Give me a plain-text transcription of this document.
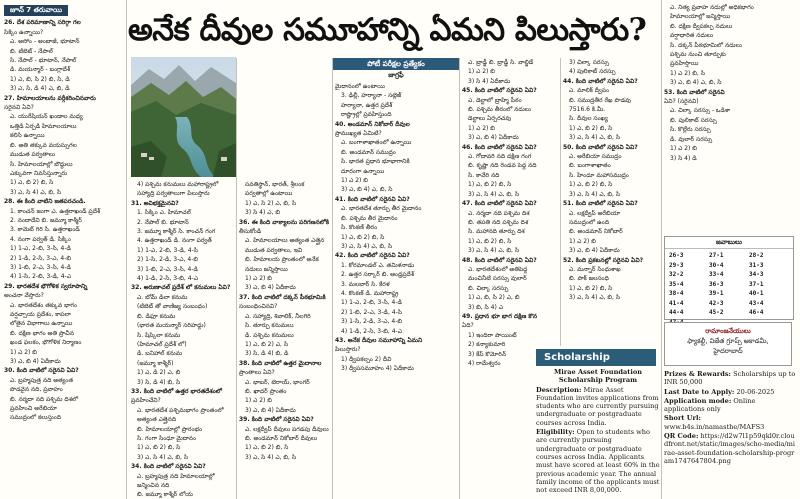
జూన్ 7 తరువాయి

26. దేశ పరిమాణాన్ని సరిగ్గా గల

సిక్కిం ఉన్నాయి?

ఎ. అసోం - అంబాజీ, భూటాన్

బి. టిబెట్ - నేపాల్

సి. నేపాల్ - భూటాన్, నేపాల్

డి. మయన్మార్ - బంగ్లాదేశ్

1) ఎ, బి, సి 2) బి, సి, డి

3) ఎ, సి, డి 4) ఎ, బి, డి

27. హిమాలయాలను వర్గీకరించినవారు

సరైనవి ఏవి?

ఎ. యురేషియన్ ఖండాల మధ్య

ఒత్తిడి ఏర్పడి హిమాలయాలు

కలిసి ఉన్నాయి

బి. అతి తక్కువ వయస్సుగల

ముడుత పర్వతాలు

సి. హిమాలయాల్లో బౌద్ధులు

ఎక్కువగా నివసిస్తున్నారు

1) ఎ, బి 2) బి, సి

3) ఎ, సి 4) ఎ, బి, సి

28. ఈ కింది వాటిని జతపరచండి.

1. కాంచన్ జంగా ఎ. ఉత్తరాఖండ్ ప్రదేశ్

2. నందాదేవి బి. జమ్మూ కాశ్మీర్

3. కామెట్ గిరి సి. ఉత్తరాఖండ్

4. నంగా పర్వత్ డి. సిక్కిం

1) 1-ఎ, 2-బి, 3-సి, 4-డి

2) 1-డి, 2-సి, 3-ఎ, 4-బి

3) 1-బి, 2-ఎ, 3-సి, 4-డి

4) 1-సి, 2-బి, 3-డి, 4-ఎ

29. భారతదేశ భౌగోళిక స్వరూపాన్ని

అంచనా వేస్తారు?

ఎ. భారతదేశం తక్కువ భాగం

వర్షచ్చాయ ప్రదేశం, కాపలా

లోతైన విభాగాలు ఉన్నాయి

బి. దక్షిణ భాగం అతి ప్రాచీన

ఖండ ఫలకం, భౌగోళిక నిర్మాణం

1) ఎ 2) బి

3) ఎ, బి 4) ఏదీకాదు

30. కింది వాటిలో సరైనవి ఏవి?

ఎ. బ్రహ్మపుత్ర నది అత్యంత

పొడవైన నది, ప్రవాహం

బి. నర్మదా నది పశ్చిమ దిశలో

ప్రవహించి అరేబియా

సముద్రంలో కలుస్తుంది

అనేక దీవుల సమూహాన్ని ఏమని పిలుస్తారు?
పోటీ పరీక్షల ప్రత్యేకం
జాగ్రఫీ

4) పశ్చిమ కనుమలు మహారాష్ట్రలో

సహ్యాద్రి పర్వతాలుగా పిలుస్తారు

31. అవిభక్తమైనవి?

1. సిక్కిం ఎ. హిమాచల్

2. నేపాల్ బి. భూటాన్

3. జమ్మూ కాశ్మీర్ సి. కాంచన్ గంగ

4. ఉత్తరాఖండ్ డి. నంగా పర్వత్

1) 1-ఎ, 2-బి, 3-డి, 4-సి

2) 1-సి, 2-డి, 3-ఎ, 4-బి

3) 1-బి, 2-ఎ, 3-సి, 4-డి

4) 1-డి, 2-సి, 3-బి, 4-ఎ

32. అరుణాచల్ ప్రదేశ్ లో కనుమలు ఏవి?

ఎ. బోమ్ డిలా కనుమ

(టిబెట్ తో వాణిజ్య సంబంధం)

బి. డిఫూ కనుమ

(భారత మయన్మార్ సరిహద్దు)

సి. షిప్కిలా కనుమ

(హిమాచల్ ప్రదేశ్ లో)

డి. బనిహాల్ కనుమ

(జమ్మూ కాశ్మీర్)

1) ఎ, డి 2) ఎ, బి

3) సి, డి 4) బి, సి

33. కింది వాటిలో ఉత్తర భారతదేశంలో

ప్రవహించేవి?

ఎ. భారతదేశ పశ్చిమభాగం ప్రాంతంలో

అత్యంత ఎత్తైనది

బి. హిమాలయాల్లో ప్రారంభం

సి. గంగా సింధూ మైదానం

1) ఎ, బి 2) బి, సి

3) ఎ, సి 4) ఎ, బి, సి

34. కింది వాటిలో సరైనవి ఏవి?

ఎ. బ్రహ్మపుత్ర నది హిమాలయాల్లో

జన్మించిన నది

బి. జమ్మూ కాశ్మీర్ లోయ

సవతిస్థాన్, భారత్, శ్రీలంక

పర్వతాల్లో ఉంటాయి

1) ఎ, సి 2) ఎ, బి, సి

3) సి 4) ఎ, బి

36. ఈ కింది వాక్యాలను పరిగణనలోకి

తీసుకోండి

ఎ. హిమాలయాలు అత్యంత ఎత్తైన

ముడుత పర్వతాలు, ఇవి

బి. హిమాలయ ప్రాంతంలో అనేక

నదులు జన్మిస్తాయి

1) ఎ 2) బి

3) ఎ, బి 4) ఏదీకాదు

37. కింది వాటిలో దక్కన్ పీఠభూమికి

సంబంధించినవి?

ఎ. సహ్యాద్రి, శివాలిక్, నీలగిరి

సి. తూర్పు కనుమలు

డి. పశ్చిమ కనుమలు

1) ఎ, బి 2) ఎ, సి

3) సి, డి 4) బి, డి

38. కింది వాటిలో ఉత్తర మైదానాల

ప్రాంతాలు ఏవి?

ఎ. భాబర్, టెరాయ్, భాంగర్

బి. ఖాదర్ ప్రాంతం

1) ఎ 2) బి

3) ఎ, బి 4) ఏదీకాదు

39. కింది వాటిలో సరైనవి ఏవి?

ఎ. లక్షద్వీప్ దీవులు పగడపు దీవులు

బి. అండమాన్ నికోబార్ దీవులు

1) ఎ, బి 2) బి, సి

3) ఎ, సి 4) ఎ, బి, సి

మైదానంలో ఉంటాయి

3. ఢిల్లీ, హర్యానా - సట్లెజ్

హర్యానా, ఉత్తర ప్రదేశ్

రాష్ట్రాల్లో ప్రవహిస్తుంది

40. అండమాన్ నికోబార్ దీవుల

ప్రాముఖ్యత ఏమిటి?

ఎ. బంగాళాఖాతంలో ఉన్నాయి

బి. అండమాన్ సముద్రం

సి. భారత ప్రధాన భూభాగానికి

దూరంగా ఉన్నాయి

1) ఎ 2) బి

3) ఎ, బి 4) ఎ, బి, సి

41. కింది వాటిలో సరైనవి ఏవి?

ఎ. భారతదేశ తూర్పు తీర మైదానం

బి. పశ్చిమ తీర మైదానం

సి. కొంకణ్ తీరం

1) ఎ, బి 2) బి, సి

3) ఎ, సి 4) ఎ, బి, సి

42. కింది వాటిలో సరైనవి ఏవి?

1. కోరమాండల్ ఎ. తమిళనాడు

2. ఉత్తర సర్కార్ బి. ఆంధ్రప్రదేశ్

3. మలబార్ సి. కేరళ

4. కొంకణ్ డి. మహారాష్ట్ర

1) 1-ఎ, 2-బి, 3-సి, 4-డి

2) 1-బి, 2-ఎ, 3-డి, 4-సి

3) 1-సి, 2-డి, 3-ఎ, 4-బి

4) 1-డి, 2-సి, 3-బి, 4-ఎ

43. అనేక దీవుల సమూహాన్ని ఏమని

పిలుస్తారు?

1) ద్వీపకల్పం 2) దీవి

3) ద్వీపసమూహం 4) ఏదీకాదు

ఎ. బ్రాడ్జీ బి. బ్రాడ్జీ సి. వాల్జిడే

1) ఎ 2) బి

3) సి 4) ఏదీకాదు

45. కింది వాటిలో సరైనవి ఏవి?

ఎ. డెల్టాలో బ్రాహ్మి పీఠం

బి. పశ్చిమ తీరంలో నదులు

డెల్టాలు ఏర్పరచవు

1) ఎ 2) బి

3) ఎ, బి 4) ఏదీకాదు

46. కింది వాటిలో సరైనవి ఏవి?

ఎ. గోదావరి నది దక్షిణ గంగ

బి. కృష్ణా నది రెండవ పెద్ద నది

సి. కావేరి నది

1) ఎ, బి 2) బి, సి

3) ఎ, సి 4) ఎ, బి, సి

47. కింది వాటిలో సరైనవి ఏవి?

ఎ. నర్మదా నది పశ్చిమ దిశ

బి. తపతి నది పశ్చిమ దిశ

సి. మహానది తూర్పు దిశ

1) ఎ, బి 2) బి, సి

3) ఎ, సి 4) ఎ, బి, సి

48. కింది వాటిలో సరైనవి ఏవి?

ఎ. భారతదేశంలో అతిపెద్ద

మంచినీటి సరస్సు వులార్

బి. చిల్కా సరస్సు

1) ఎ, బి, సి 2) ఎ, బి

3) బి, సి 4) ఎ

49. ప్రధాన భూ భాగ దక్షిణ కొన

ఏది?

1) ఇందిరా పాయింట్

2) కన్యాకుమారి

3) కేప్ కొమోరిన్

4) రామేశ్వరం

3) చిల్కా సరస్సు

4) పులికాట్ సరస్సు

44. కింది వాటిలో సరైనవి ఏవి?

ఎ. మాలిక్ ద్వీపం

బి. సముద్రతీర రేఖ పొడవు

7516.6 కి.మీ.

సి. దీవుల సంఖ్య

1) ఎ, బి 2) బి, సి

3) ఎ, సి 4) ఎ, బి, సి

50. కింది వాటిలో సరైనవి ఏవి?

ఎ. అరేబియా సముద్రం

బి. బంగాళాఖాతం

సి. హిందూ మహాసముద్రం

1) ఎ, బి 2) బి, సి

3) ఎ, సి 4) ఎ, బి, సి

51. కింది వాటిలో సరైనవి ఏవి?

ఎ. లక్షద్వీప్ అరేబియా

సముద్రంలో ఉంది

బి. అండమాన్ నికోబార్

1) ఎ 2) బి

3) ఎ, బి 4) ఏదీకాదు

52. కింది ప్రకటనల్లో సరైనవి ఏవి?

ఎ. మన్నార్ సింధుశాఖ

బి. పాక్ జలసంధి

1) ఎ, బి 2) బి, సి

3) ఎ, సి 4) ఎ, బి, సి

ఎ. నిత్య ప్రవాహ నదుల్లో అధికభాగం

హిమాలయాల్లో జన్మిస్తాయి

బి. దక్షిణ ద్వీపకల్ప నదులు

వర్షాధారిత నదులు

సి. దక్కన్ పీఠభూమిలో నదులు

పశ్చిమ నుంచి తూర్పుకు

ప్రవహిస్తాయి

1) ఎ 2) బి, సి

3) ఎ, బి 4) ఎ, బి, సి

53. కింది వాటిలో సరైనవి

ఏవి? (సరైనవి)

ఎ. చిల్కా సరస్సు - ఒడిశా

బి. పులికాట్ సరస్సు

సి. కొల్లేరు సరస్సు

డి. వులార్ సరస్సు

1) ఎ 2) బి

3) సి 4) డి

జవాబులు
26-3	27-1	28-2
29-3	30-4	31-3
32-2	33-4	34-3
35-4	36-3	37-1
38-4	39-1	40-1
41-4	42-3	43-4
44-4	45-2	46-4
రామాంజనేయులు
ఫ్యాకల్టీ, విజేత గ్రూప్స్ అకాడమీ,
హైదరాబాద్
Scholarship

Mirae Asset Foundation Scholarship Program

Description: Mirae Asset Foundation invites applications from students who are currently pursuing undergraduate or postgraduate courses across India.

Eligibility: Open to students who are currently pursuing undergraduate or postgraduate courses across India. Applicants must have scored at least 60% in the previous academic year. The annual family income of the applicants must not exceed INR 8,00,000.

Prizes & Rewards: Scholarships up to INR 50,000

Last Date to Apply: 20-06-2025

Application mode: Online applications only

Short Url: www.b4s.in/namasthe/MAFS3

QR Code: https://d2w7l1p59qkl0r.cloudfront.net/static/images/scho-media/mirae-asset-foundation-scholarship-program1747647804.png
